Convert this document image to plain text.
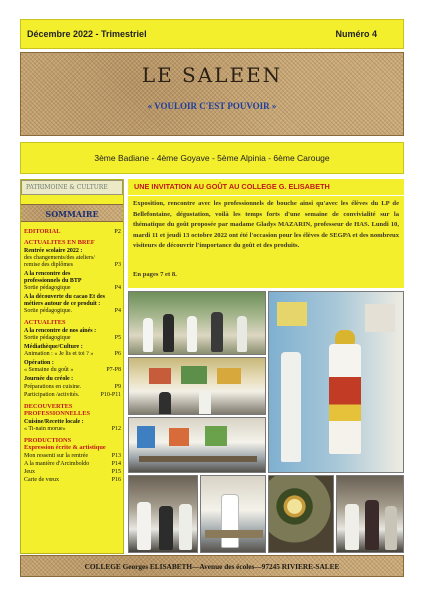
Décembre 2022 - Trimestriel	Numéro 4
LE SALEEN
« VOULOIR C'EST POUVOIR »
3ème Badiane - 4ème Goyave - 5ème Alpinia - 6ème Carouge
PATRIMOINE & CULTURE
SOMMAIRE
EDITORIAL	P2
ACTUALITES EN BREF
Rentrée scolaire 2022 :
des changements/des ateliers/ remise des diplômes	P3
A la rencontre des professionnels du BTP
Sortie pédagogique	P4
A la découverte du cacao Et des métiers autour de ce produit :
Sortie pédagogique.	P4
ACTUALITES
A la rencontre de nos aînés :
Sortie pédagogique	P5
Médiathèque/Culture :
Animation : « Je lis et toi ? »	P6
Opération :
« Semaine du goût »	P7-P8
Journée du créole :
Préparations en cuisine.	P9
Participation /activités.	P10-P11
DECOUVERTES PROFESSIONNELLES
Cuisine/Recette locale :
« Ti-nain morue»	P12
PRODUCTIONS
Expression écrite & artistique
Mon ressenti sur la rentrée	P13
A la manière d'Arcimboldo	P14
Jeux	P15
Carte de vœux	P16
UNE INVITATION AU GOÛT AU COLLEGE G. ELISABETH
Exposition, rencontre avec les professionnels de bouche ainsi qu'avec les élèves du LP de Bellefontaine, dégustation, voilà les temps forts d'une semaine de convivialité sur la thématique du goût proposée par madame Gladys MAZARIN, professeur de HAS. Lundi 10, mardi 11 et jeudi 13 octobre 2022 ont été l'occasion pour les élèves de SEGPA et des nombreux visiteurs de découvrir l'importance du goût et des produits.
En pages 7 et 8.
COLLEGE Georges ELISABETH—Avenue des écoles—97245 RIVIERE-SALEE
